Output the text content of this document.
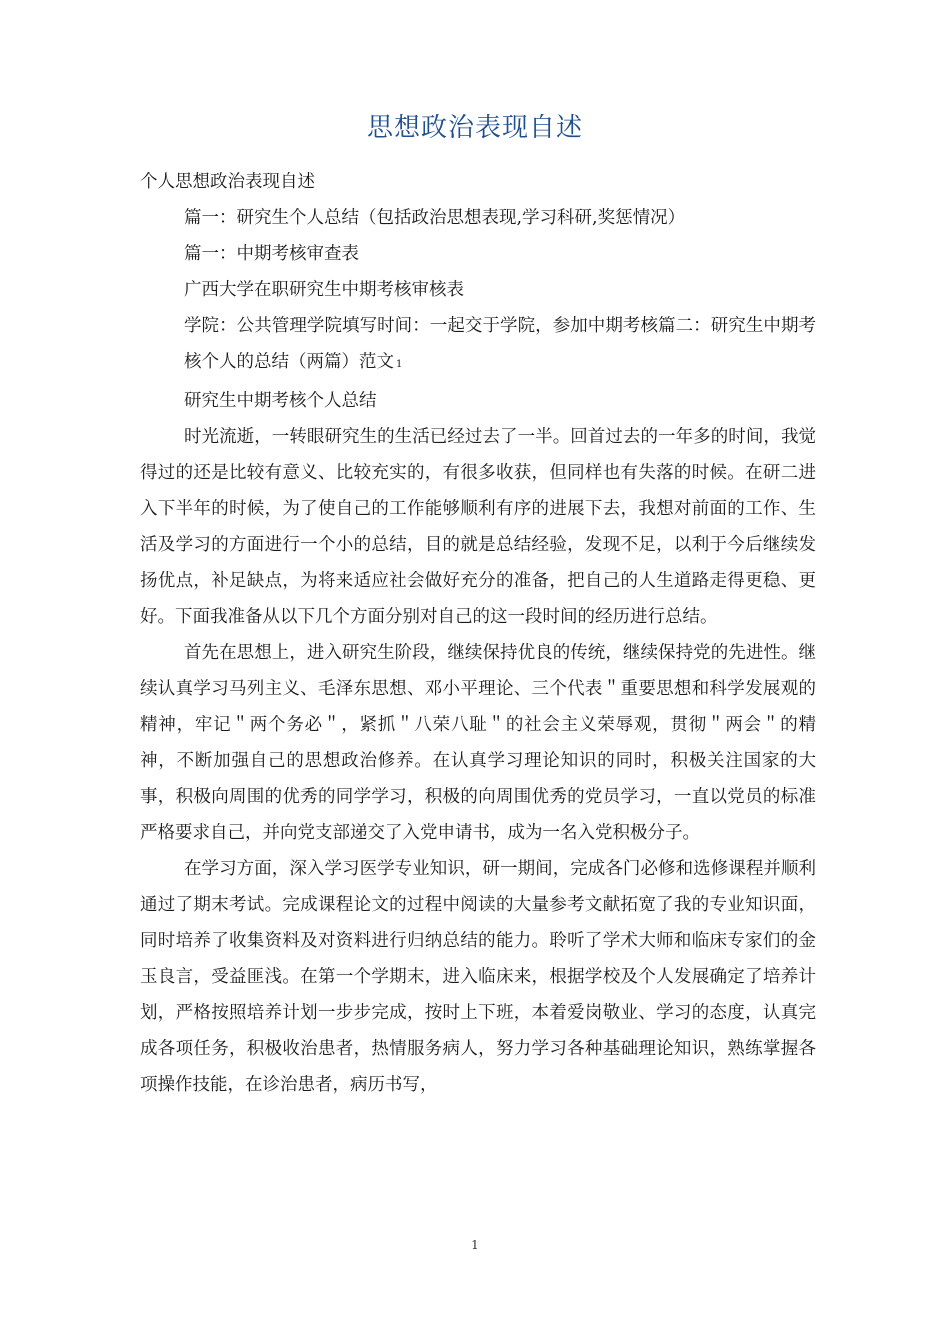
思想政治表现自述

个人思想政治表现自述

篇一：研究生个人总结（包括政治思想表现,学习科研,奖惩情况）

篇一：中期考核审查表

广西大学在职研究生中期考核审核表

学院：公共管理学院填写时间：一起交于学院，参加中期考核篇二：研究生中期考核个人的总结（两篇）范文 1

研究生中期考核个人总结

时光流逝，一转眼研究生的生活已经过去了一半。回首过去的一年多的时间，我觉得过的还是比较有意义、比较充实的，有很多收获，但同样也有失落的时候。在研二进入下半年的时候，为了使自己的工作能够顺利有序的进展下去，我想对前面的工作、生活及学习的方面进行一个小的总结，目的就是总结经验，发现不足，以利于今后继续发扬优点，补足缺点，为将来适应社会做好充分的准备，把自己的人生道路走得更稳、更好。下面我准备从以下几个方面分别对自己的这一段时间的经历进行总结。

首先在思想上，进入研究生阶段，继续保持优良的传统，继续保持党的先进性。继续认真学习马列主义、毛泽东思想、邓小平理论、三个代表＂重要思想和科学发展观的精神，牢记＂两个务必＂，紧抓＂八荣八耻＂的社会主义荣辱观，贯彻＂两会＂的精神，不断加强自己的思想政治修养。在认真学习理论知识的同时，积极关注国家的大事，积极向周围的优秀的同学学习，积极的向周围优秀的党员学习，一直以党员的标准严格要求自己，并向党支部递交了入党申请书，成为一名入党积极分子。

在学习方面，深入学习医学专业知识，研一期间，完成各门必修和选修课程并顺利通过了期末考试。完成课程论文的过程中阅读的大量参考文献拓宽了我的专业知识面，同时培养了收集资料及对资料进行归纳总结的能力。聆听了学术大师和临床专家们的金玉良言，受益匪浅。在第一个学期末，进入临床来，根据学校及个人发展确定了培养计划，严格按照培养计划一步步完成，按时上下班，本着爱岗敬业、学习的态度，认真完成各项任务，积极收治患者，热情服务病人，努力学习各种基础理论知识，熟练掌握各项操作技能，在诊治患者，病历书写，

1
